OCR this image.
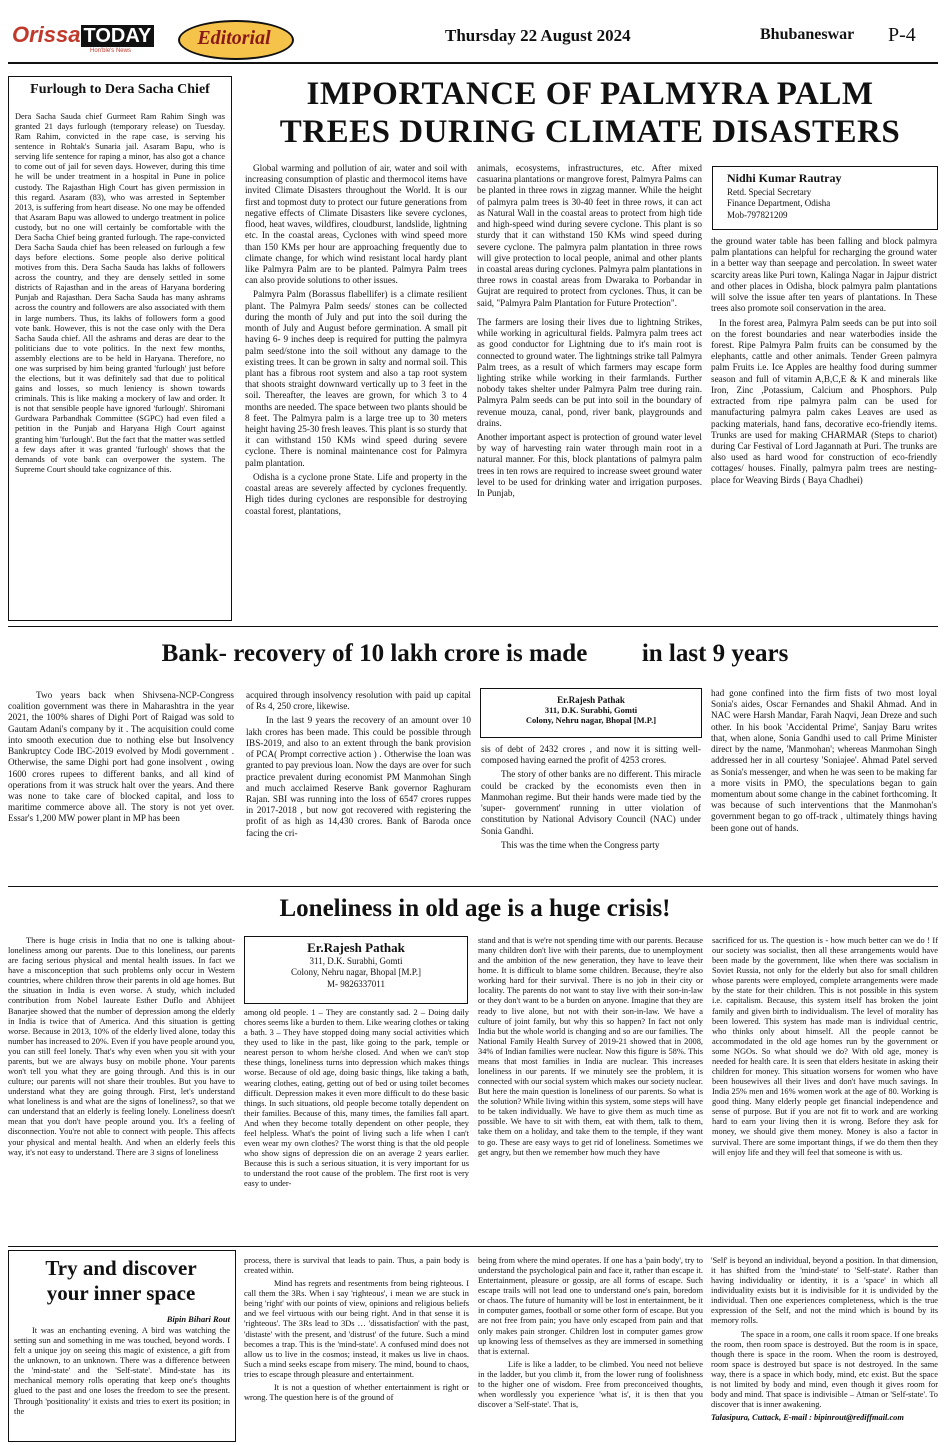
Orissa TODAY
Hon'ble's News
Editorial	Thursday 22 August 2024	Bhubaneswar P-4
Furlough to Dera Sacha Chief

Dera Sacha Sauda chief Gurmeet Ram Rahim Singh was granted 21 days furlough (temporary release) on Tuesday. Ram Rahim, convicted in the rape case, is serving his sentence in Rohtak's Sunaria jail. Asaram Bapu, who is serving life sentence for raping a minor, has also got a chance to come out of jail for seven days. However, during this time he will be under treatment in a hospital in Pune in police custody. The Rajasthan High Court has given permission in this regard. Asaram (83), who was arrested in September 2013, is suffering from heart disease. No one may be offended that Asaram Bapu was allowed to undergo treatment in police custody, but no one will certainly be comfortable with the Dera Sacha Chief being granted furlough. The rape-convicted Dera Sacha Sauda chief has been released on furlough a few days before elections. Some people also derive political motives from this. Dera Sacha Sauda has lakhs of followers across the country, and they are densely settled in some districts of Rajasthan and in the areas of Haryana bordering Punjab and Rajasthan. Dera Sacha Sauda has many ashrams across the country and followers are also associated with them in large numbers. Thus, its lakhs of followers form a good vote bank. However, this is not the case only with the Dera Sacha Sauda chief. All the ashrams and deras are dear to the politicians due to vote politics. In the next few months, assembly elections are to be held in Haryana. Therefore, no one was surprised by him being granted 'furlough' just before the elections, but it was definitely sad that due to political gains and losses, so much leniency is shown towards criminals. This is like making a mockery of law and order. It is not that sensible people have ignored 'furlough'. Shiromani Gurdwara Parbandhak Committee (SGPC) had even filed a petition in the Punjab and Haryana High Court against granting him 'furlough'. But the fact that the matter was settled a few days after it was granted 'furlough' shows that the demands of vote bank can overpower the system. The Supreme Court should take cognizance of this.

IMPORTANCE OF PALMYRA PALM
TREES DURING CLIMATE DISASTERS

Global warming and pollution of air, water and soil with increasing consumption of plastic and thermocol items have invited Climate Disasters throughout the World. It is our first and topmost duty to protect our future generations from negative effects of Climate Disasters like severe cyclones, flood, heat waves, wildfires, cloudburst, landslide, lightning etc. In the coastal areas, Cyclones with wind speed more than 150 KMs per hour are approaching frequently due to climate change, for which wind resistant local hardy plant like Palmyra Palm are to be planted. Palmyra Palm trees can also provide solutions to other issues.

Palmyra Palm (Borassus flabellifer) is a climate resilient plant. The Palmyra Palm seeds/ stones can be collected during the month of July and put into the soil during the month of July and August before germination. A small pit having 6- 9 inches deep is required for putting the palmyra palm seed/stone into the soil without any damage to the existing trees. It can be grown in salty and normal soil. This plant has a fibrous root system and also a tap root system that shoots straight downward vertically up to 3 feet in the soil. Thereafter, the leaves are grown, for which 3 to 4 months are needed. The space between two plants should be 8 feet. The Palmyra palm is a large tree up to 30 meters height having 25-30 fresh leaves. This plant is so sturdy that it can withstand 150 KMs wind speed during severe cyclone. There is nominal maintenance cost for Palmyra palm plantation.

Odisha is a cyclone prone State. Life and property in the coastal areas are severely affected by cyclones frequently. High tides during cyclones are responsible for destroying coastal forest, plantations,

animals, ecosystems, infrastructures, etc. After mixed casuarina plantations or mangrove forest, Palmyra Palms can be planted in three rows in zigzag manner. While the height of palmyra palm trees is 30-40 feet in three rows, it can act as Natural Wall in the coastal areas to protect from high tide and high-speed wind during severe cyclone. This plant is so sturdy that it can withstand 150 KMs wind speed during severe cyclone. The palmyra palm plantation in three rows will give protection to local people, animal and other plants in coastal areas during cyclones. Palmyra palm plantations in three rows in coastal areas from Dwaraka to Porbandar in Gujrat are required to protect from cyclones. Thus, it can be said, "Palmyra Palm Plantation for Future Protection".

The farmers are losing their lives due to lightning Strikes, while working in agricultural fields. Palmyra palm trees act as good conductor for Lightning due to it's main root is connected to ground water. The lightnings strike tall Palmyra Palm trees, as a result of which farmers may escape form lighting strike while working in their farmlands. Further nobody takes shelter under Palmyra Palm tree during rain. Palmyra Palm seeds can be put into soil in the boundary of revenue mouza, canal, pond, river bank, playgrounds and drains.

Another important aspect is protection of ground water level by way of harvesting rain water through main root in a natural manner. For this, block plantations of palmyra palm trees in ten rows are required to increase sweet ground water level to be used for drinking water and irrigation purposes. In Punjab,

Nidhi Kumar Rautray
Retd. Special Secretary
Finance Department, Odisha
Mob-797821209

the ground water table has been falling and block palmyra palm plantations can helpful for recharging the ground water in a better way than seepage and percolation. In sweet water scarcity areas like Puri town, Kalinga Nagar in Jajpur district and other places in Odisha, block palmyra palm plantations will solve the issue after ten years of plantations. In These trees also promote soil conservation in the area.

In the forest area, Palmyra Palm seeds can be put into soil on the forest boundaries and near waterbodies inside the forest. Ripe Palmyra Palm fruits can be consumed by the elephants, cattle and other animals. Tender Green palmyra palm Fruits i.e. Ice Apples are healthy food during summer season and full of vitamin A,B,C,E & K and minerals like Iron, Zinc ,Potassium, Calcium and Phosphors. Pulp extracted from ripe palmyra palm can be used for manufacturing palmyra palm cakes Leaves are used as packing materials, hand fans, decorative eco-friendly items. Trunks are used for making CHARMAR (Steps to chariot) during Car Festival of Lord Jagannath at Puri. The trunks are also used as hard wood for construction of eco-friendly cottages/ houses. Finally, palmyra palm trees are nesting-place for Weaving Birds ( Baya Chadhei)

Bank- recovery of 10 lakh crore is made in last 9 years

Two years back when Shivsena-NCP-Congress coalition government was there in Maharashtra in the year 2021, the 100% shares of Dighi Port of Raigad was sold to Gautam Adani's company by it . The acquisition could come into smooth execution due to nothing else but Insolvency Bankruptcy Code IBC-2019 evolved by Modi government . Otherwise, the same Dighi port had gone insolvent , owing 1600 crores rupees to different banks, and all kind of operations from it was struck halt over the years. And there was none to take care of blocked capital, and loss to maritime commerce above all. The story is not yet over. Essar's 1,200 MW power plant in MP has been

acquired through insolvency resolution with paid up capital of Rs 4, 250 crore, likewise.

In the last 9 years the recovery of an amount over 10 lakh crores has been made. This could be possible through IBS-2019, and also to an extent through the bank provision of PCA( Prompt corrective action ) . Otherwise the loan was granted to pay previous loan. Now the days are over for such practice prevalent during economist PM Manmohan Singh and much acclaimed Reserve Bank governor Raghuram Rajan. SBI was running into the loss of 6547 crores ruppes in 2017-2018 , but now got recovered with registering the profit of as high as 14,430 crores. Bank of Baroda once facing the cri-

Er.Rajesh Pathak
311, D.K. Surabhi, Gomti
Colony, Nehru nagar, Bhopal [M.P.]

sis of debt of 2432 crores , and now it is sitting well-composed having earned the profit of 4253 crores.

The story of other banks are no different. This miracle could be cracked by the economists even then in Manmohan regime. But their hands were made tied by the 'super- government' running in utter violation of constitution by National Advisory Council (NAC) under Sonia Gandhi.

This was the time when the Congress party

had gone confined into the firm fists of two most loyal Sonia's aides, Oscar Fernandes and Shakil Ahmad. And in NAC were Harsh Mandar, Farah Naqvi, Jean Dreze and such other. In his book 'Accidental Prime', Sanjay Baru writes that, when alone, Sonia Gandhi used to call Prime Minister direct by the name, 'Manmohan'; whereas Manmohan Singh addressed her in all courtesy 'Soniajee'. Ahmad Patel served as Sonia's messenger, and when he was seen to be making far a more visits in PMO, the speculations began to gain momentum about some change in the cabinet forthcoming. It was because of such interventions that the Manmohan's government began to go off-track , ultimately things having been gone out of hands.

Loneliness in old age is a huge crisis!

There is huge crisis in India that no one is talking about-loneliness among our parents. Due to this loneliness, our parents are facing serious physical and mental health issues. In fact we have a misconception that such problems only occur in Western countries, where children throw their parents in old age homes. But the situation in India is even worse. A study, which included contribution from Nobel laureate Esther Duflo and Abhijeet Banarjee showed that the number of depression among the elderly in India is twice that of America. And this situation is getting worse. Because in 2013, 10% of the elderly lived alone, today this number has increased to 20%. Even if you have people around you, you can still feel lonely. That's why even when you sit with your parents, but we are always busy on mobile phone. Your parents won't tell you what they are going through. And this is in our culture; our parents will not share their troubles. But you have to understand what they are going through. First, let's understand what loneliness is and what are the signs of loneliness?, so that we can understand that an elderly is feeling lonely. Loneliness doesn't mean that you don't have people around you. It's a feeling of disconnection. You're not able to connect with people. This affects your physical and mental health. And when an elderly feels this way, it's not easy to understand. There are 3 signs of loneliness

Er.Rajesh Pathak
311, D.K. Surabhi, Gomti
Colony, Nehru nagar, Bhopal [M.P.]
M- 9826337011

among old people. 1 – They are constantly sad. 2 – Doing daily chores seems like a burden to them. Like wearing clothes or taking a bath. 3 – They have stopped doing many social activities which they used to like in the past, like going to the park, temple or nearest person to whom he/she closed. And when we can't stop these things, loneliness turns into depression which makes things worse. Because of old age, doing basic things, like taking a bath, wearing clothes, eating, getting out of bed or using toilet becomes difficult. Depression makes it even more difficult to do these basic things. In such situations, old people become totally dependent on their families. Because of this, many times, the families fall apart. And when they become totally dependent on other people, they feel helpless. What's the point of living such a life when I can't even wear my own clothes? The worst thing is that the old people who show signs of depression die on an average 2 years earlier. Because this is such a serious situation, it is very important for us to understand the root cause of the problem. The first root is very easy to under-

stand and that is we're not spending time with our parents. Because many children don't live with their parents, due to unemployment and the ambition of the new generation, they have to leave their home. It is difficult to blame some children. Because, they're also working hard for their survival. There is no job in their city or locality. The parents do not want to stay live with their son-in-law or they don't want to be a burden on anyone. Imagine that they are ready to live alone, but not with their son-in-law. We have a culture of joint family, but why this so happen? In fact not only India but the whole world is changing and so are our families. The National Family Health Survey of 2019-21 showed that in 2008, 34% of Indian families were nuclear. Now this figure is 58%. This means that most families in India are nuclear. This increases loneliness in our parents. If we minutely see the problem, it is connected with our social system which makes our society nuclear. But here the main question is loneliness of our parents. So what is the solution? While living within this system, some steps will have to be taken individually. We have to give them as much time as possible. We have to sit with them, eat with them, talk to them, take them on a holiday, and take them to the temple, if they want to go. These are easy ways to get rid of loneliness. Sometimes we get angry, but then we remember how much they have

sacrificed for us. The question is - how much better can we do ! If our society was socialist, then all these arrangements would have been made by the government, like when there was socialism in Soviet Russia, not only for the elderly but also for small children whose parents were employed, complete arrangements were made by the state for their children. This is not possible in this system i.e. capitalism. Because, this system itself has broken the joint family and given birth to individualism. The level of morality has been lowered. This system has made man is individual centric, who thinks only about himself. All the people cannot be accommodated in the old age homes run by the government or some NGOs. So what should we do? With old age, money is needed for health care. It is seen that elders hesitate in asking their children for money. This situation worsens for women who have been housewives all their lives and don't have much savings. In India 25% men and 16% women work at the age of 80. Working is good thing. Many elderly people get financial independence and sense of purpose. But if you are not fit to work and are working hard to earn your living then it is wrong. Before they ask for money, we should give them money. Money is also a factor in survival. There are some important things, if we do them then they will enjoy life and they will feel that someone is with us.

Try and discover
your inner space
Bipin Bihari Rout

It was an enchanting evening. A bird was watching the setting sun and something in me was touched, beyond words. I felt a unique joy on seeing this magic of existence, a gift from the unknown, to an unknown. There was a difference between the 'mind-state' and the 'Self-state'. Mind-state has its mechanical memory rolls operating that keep one's thoughts glued to the past and one loses the freedom to see the present. Through 'positionality' it exists and tries to exert its position; in the

process, there is survival that leads to pain. Thus, a pain body is created within.

Mind has regrets and resentments from being righteous. I call them the 3Rs. When i say 'righteous', i mean we are stuck in being 'right' with our points of view, opinions and religious beliefs and we feel virtuous with our being right. And in that sense it is 'righteous'. The 3Rs lead to 3Ds … 'dissatisfaction' with the past, 'distaste' with the present, and 'distrust' of the future. Such a mind becomes a trap. This is the 'mind-state'. A confused mind does not allow us to live in the cosmos; instead, it makes us live in chaos. Such a mind seeks escape from misery. The mind, bound to chaos, tries to escape through pleasure and entertainment.

It is not a question of whether entertainment is right or wrong. The question here is of the ground of

being from where the mind operates. If one has a 'pain body', try to understand the psychological pain and face it, rather than escape it. Entertainment, pleasure or gossip, are all forms of escape. Such escape trails will not lead one to understand one's pain, boredom or chaos. The future of humanity will be lost in entertainment, be it in computer games, football or some other form of escape. But you are not free from pain; you have only escaped from pain and that only makes pain stronger. Children lost in computer games grow up knowing less of themselves as they are immersed in something that is external.

Life is like a ladder, to be climbed. You need not believe in the ladder, but you climb it, from the lower rung of foolishness to the higher one of wisdom. Free from preconceived thoughts, when wordlessly you experience 'what is', it is then that you discover a 'Self-state'. That is,

'Self' is beyond an individual, beyond a position. In that dimension, it has shifted from the 'mind-state' to 'Self-state'. Rather than having individuality or identity, it is a 'space' in which all individuality exists but it is indivisible for it is undivided by the individual. Then one experiences completeness, which is the true expression of the Self, and not the mind which is bound by its memory rolls.

The space in a room, one calls it room space. If one breaks the room, then room space is destroyed. But the room is in space, though there is space in the room. When the room is destroyed, room space is destroyed but space is not destroyed. In the same way, there is a space in which body, mind, etc exist. But the space is not limited by body and mind, even though it gives room for body and mind. That space is indivisible – Atman or 'Self-state'. To discover that is inner awakening.

Talasipura, Cuttack, E-mail : bipinrout@rediffmail.com
